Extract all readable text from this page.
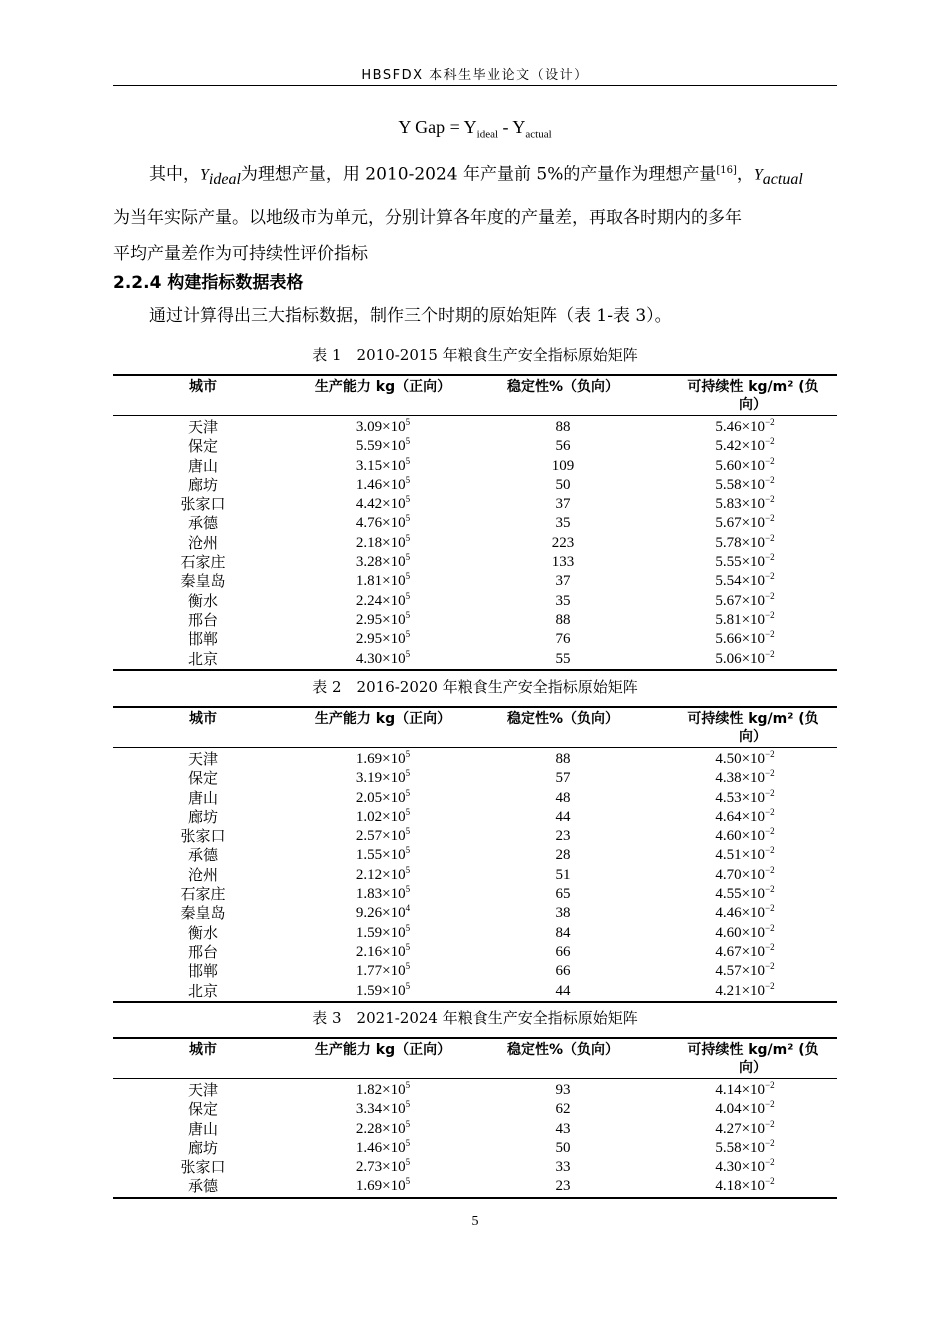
HBSFDX 本科生毕业论文（设计）
Y Gap = $Y_{ideal} - Y_{actual}$
其中，$Y_{ideal}$为理想产量，用 2010-2024 年产量前 5%的产量作为理想产量[16]，$Y_{actual}$
为当年实际产量。以地级市为单元，分别计算各年度的产量差，再取各时期内的多年
平均产量差作为可持续性评价指标
2.2.4 构建指标数据表格
通过计算得出三大指标数据，制作三个时期的原始矩阵（表 1-表 3）。
表 1　2010-2015 年粮食生产安全指标原始矩阵
城市	生产能力 kg（正向）	稳定性%（负向）	可持续性 kg/m² (负向）
天津	$3.09\times 10^5$	88	$5.46\times 10^{-2}$
保定	$5.59\times 10^5$	56	$5.42\times 10^{-2}$
唐山	$3.15\times 10^5$	109	$5.60\times 10^{-2}$
廊坊	$1.46\times 10^5$	50	$5.58\times 10^{-2}$
张家口	$4.42\times 10^5$	37	$5.83\times 10^{-2}$
承德	$4.76\times 10^5$	35	$5.67\times 10^{-2}$
沧州	$2.18\times 10^5$	223	$5.78\times 10^{-2}$
石家庄	$3.28\times 10^5$	133	$5.55\times 10^{-2}$
秦皇岛	$1.81\times 10^5$	37	$5.54\times 10^{-2}$
衡水	$2.24\times 10^5$	35	$5.67\times 10^{-2}$
邢台	$2.95\times 10^5$	88	$5.81\times 10^{-2}$
邯郸	$2.95\times 10^5$	76	$5.66\times 10^{-2}$
北京	$4.30\times 10^5$	55	$5.06\times 10^{-2}$
表 2　2016-2020 年粮食生产安全指标原始矩阵
城市	生产能力 kg（正向）	稳定性%（负向）	可持续性 kg/m² (负向）
天津	$1.69\times 10^5$	88	$4.50\times 10^{-2}$
保定	$3.19\times 10^5$	57	$4.38\times 10^{-2}$
唐山	$2.05\times 10^5$	48	$4.53\times 10^{-2}$
廊坊	$1.02\times 10^5$	44	$4.64\times 10^{-2}$
张家口	$2.57\times 10^5$	23	$4.60\times 10^{-2}$
承德	$1.55\times 10^5$	28	$4.51\times 10^{-2}$
沧州	$2.12\times 10^5$	51	$4.70\times 10^{-2}$
石家庄	$1.83\times 10^5$	65	$4.55\times 10^{-2}$
秦皇岛	$9.26\times 10^4$	38	$4.46\times 10^{-2}$
衡水	$1.59\times 10^5$	84	$4.60\times 10^{-2}$
邢台	$2.16\times 10^5$	66	$4.67\times 10^{-2}$
邯郸	$1.77\times 10^5$	66	$4.57\times 10^{-2}$
北京	$1.59\times 10^5$	44	$4.21\times 10^{-2}$
表 3　2021-2024 年粮食生产安全指标原始矩阵
城市	生产能力 kg（正向）	稳定性%（负向）	可持续性 kg/m² (负向）
天津	$1.82\times 10^5$	93	$4.14\times 10^{-2}$
保定	$3.34\times 10^5$	62	$4.04\times 10^{-2}$
唐山	$2.28\times 10^5$	43	$4.27\times 10^{-2}$
廊坊	$1.46\times 10^5$	50	$5.58\times 10^{-2}$
张家口	$2.73\times 10^5$	33	$4.30\times 10^{-2}$
承德	$1.69\times 10^5$	23	$4.18\times 10^{-2}$
5
